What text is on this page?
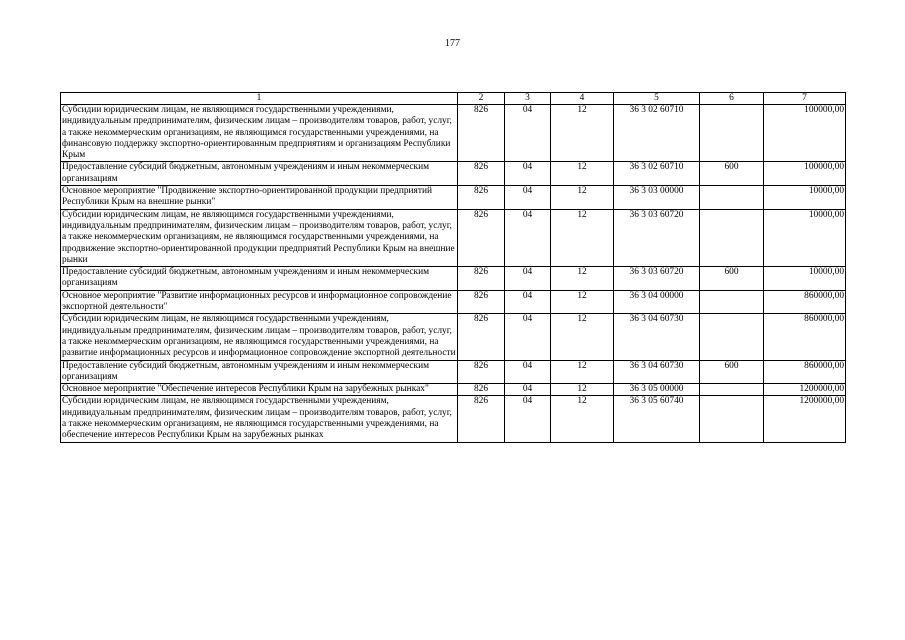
177
1	2	3	4	5	6	7
Субсидии юридическим лицам, не являющимся государственными учреждениями, индивидуальным предпринимателям, физическим лицам – производителям товаров, работ, услуг, а также некоммерческим организациям, не являющимся государственными учреждениями, на финансовую поддержку экспортно-ориентированным предприятиям и организациям Республики Крым	826	04	12	36 3 02 60710		100000,00
Предоставление субсидий бюджетным, автономным учреждениям и иным некоммерческим организациям	826	04	12	36 3 02 60710	600	100000,00
Основное мероприятие "Продвижение экспортно-ориентированной продукции предприятий Республики Крым на внешние рынки"	826	04	12	36 3 03 00000		10000,00
Субсидии юридическим лицам, не являющимся государственными учреждениями, индивидуальным предпринимателям, физическим лицам – производителям товаров, работ, услуг, а также некоммерческим организациям, не являющимся государственными учреждениями, на продвижение экспортно-ориентированной продукции предприятий Республики Крым на внешние рынки	826	04	12	36 3 03 60720		10000,00
Предоставление субсидий бюджетным, автономным учреждениям и иным некоммерческим организациям	826	04	12	36 3 03 60720	600	10000,00
Основное мероприятие "Развитие информационных ресурсов и информационное сопровождение экспортной деятельности"	826	04	12	36 3 04 00000		860000,00
Субсидии юридическим лицам, не являющимся государственными учреждениям, индивидуальным предпринимателям, физическим лицам – производителям товаров, работ, услуг, а также некоммерческим организациям, не являющимся государственными учреждениями, на развитие информационных ресурсов и информационное сопровождение экспортной деятельности	826	04	12	36 3 04 60730		860000,00
Предоставление субсидий бюджетным, автономным учреждениям и иным некоммерческим организациям	826	04	12	36 3 04 60730	600	860000,00
Основное мероприятие "Обеспечение интересов Республики Крым на зарубежных рынках"	826	04	12	36 3 05 00000		1200000,00
Субсидии юридическим лицам, не являющимся государственными учреждениям, индивидуальным предпринимателям, физическим лицам – производителям товаров, работ, услуг, а также некоммерческим организациям, не являющимся государственными учреждениями, на обеспечение интересов Республики Крым на зарубежных рынках	826	04	12	36 3 05 60740		1200000,00
